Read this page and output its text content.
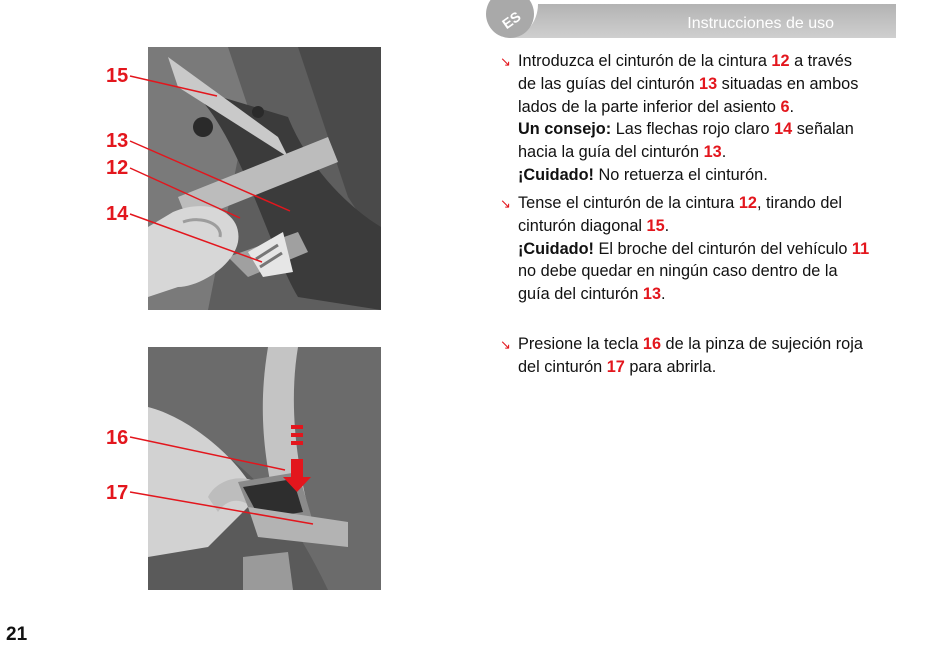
Instrucciones de uso
ES
15
13
12
14
16
17
↘ Introduzca el cinturón de la cintura 12 a través
de las guías del cinturón 13 situadas en ambos
lados de la parte inferior del asiento 6.
Un consejo: Las flechas rojo claro 14 señalan
hacia la guía del cinturón 13.
¡Cuidado! No retuerza el cinturón.
↘ Tense el cinturón de la cintura 12, tirando del
cinturón diagonal 15.
¡Cuidado! El broche del cinturón del vehículo 11
no debe quedar en ningún caso dentro de la
guía del cinturón 13.
↘ Presione la tecla 16 de la pinza de sujeción roja
del cinturón 17 para abrirla.
21
